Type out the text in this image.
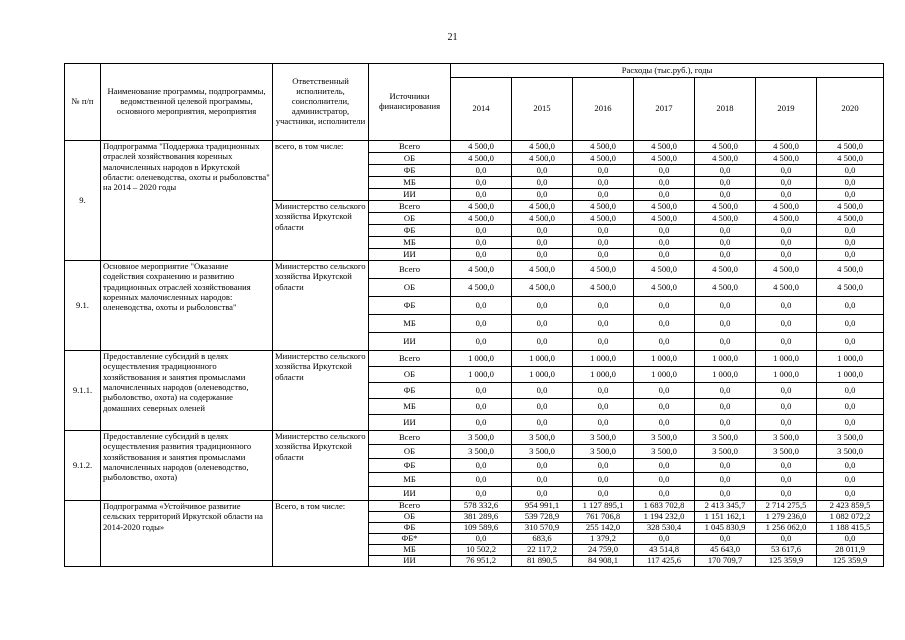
21
№ п/п	Наименование программы, подпрограммы, ведомственной целевой программы, основного мероприятия, мероприятия	Ответственный исполнитель, соисполнители, администратор, участники, исполнители	Источники финансирования	Расходы (тыс.руб.), годы						
				2014	2015	2016	2017	2018	2019	2020
9.	Подпрограмма "Поддержка традиционных отраслей хозяйствования коренных малочисленных народов в Иркутской области: оленеводства, охоты и рыболовства" на 2014 – 2020 годы	всего, в том числе:	Всего	4 500,0	4 500,0	4 500,0	4 500,0	4 500,0	4 500,0	4 500,0
			ОБ	4 500,0	4 500,0	4 500,0	4 500,0	4 500,0	4 500,0	4 500,0
			ФБ	0,0	0,0	0,0	0,0	0,0	0,0	0,0
			МБ	0,0	0,0	0,0	0,0	0,0	0,0	0,0
			ИИ	0,0	0,0	0,0	0,0	0,0	0,0	0,0
		Министерство сельского хозяйства Иркутской области	Всего	4 500,0	4 500,0	4 500,0	4 500,0	4 500,0	4 500,0	4 500,0
			ОБ	4 500,0	4 500,0	4 500,0	4 500,0	4 500,0	4 500,0	4 500,0
			ФБ	0,0	0,0	0,0	0,0	0,0	0,0	0,0
			МБ	0,0	0,0	0,0	0,0	0,0	0,0	0,0
			ИИ	0,0	0,0	0,0	0,0	0,0	0,0	0,0
9.1.	Основное мероприятие "Оказание содействия сохранению и развитию традиционных отраслей хозяйствования коренных малочисленных народов: оленеводства, охоты и рыболовства"	Министерство сельского хозяйства Иркутской области	Всего	4 500,0	4 500,0	4 500,0	4 500,0	4 500,0	4 500,0	4 500,0
			ОБ	4 500,0	4 500,0	4 500,0	4 500,0	4 500,0	4 500,0	4 500,0
			ФБ	0,0	0,0	0,0	0,0	0,0	0,0	0,0
			МБ	0,0	0,0	0,0	0,0	0,0	0,0	0,0
			ИИ	0,0	0,0	0,0	0,0	0,0	0,0	0,0
9.1.1.	Предоставление субсидий в целях осуществления традиционного хозяйствования и занятия промыслами малочисленных народов (оленеводство, рыболовство, охота) на содержание домашних северных оленей	Министерство сельского хозяйства Иркутской области	Всего	1 000,0	1 000,0	1 000,0	1 000,0	1 000,0	1 000,0	1 000,0
			ОБ	1 000,0	1 000,0	1 000,0	1 000,0	1 000,0	1 000,0	1 000,0
			ФБ	0,0	0,0	0,0	0,0	0,0	0,0	0,0
			МБ	0,0	0,0	0,0	0,0	0,0	0,0	0,0
			ИИ	0,0	0,0	0,0	0,0	0,0	0,0	0,0
9.1.2.	Предоставление субсидий в целях осуществления развития традиционного хозяйствования и занятия промыслами малочисленных народов (оленеводство, рыболовство, охота)	Министерство сельского хозяйства Иркутской области	Всего	3 500,0	3 500,0	3 500,0	3 500,0	3 500,0	3 500,0	3 500,0
			ОБ	3 500,0	3 500,0	3 500,0	3 500,0	3 500,0	3 500,0	3 500,0
			ФБ	0,0	0,0	0,0	0,0	0,0	0,0	0,0
			МБ	0,0	0,0	0,0	0,0	0,0	0,0	0,0
			ИИ	0,0	0,0	0,0	0,0	0,0	0,0	0,0
	Подпрограмма «Устойчивое развитие сельских территорий Иркутской области на 2014-2020 годы»	Всего, в том числе:	Всего	578 332,6	954 991,1	1 127 895,1	1 683 702,8	2 413 345,7	2 714 275,5	2 423 859,5
			ОБ	381 289,6	539 728,9	761 706,8	1 194 232,0	1 151 162,1	1 279 236,0	1 082 072,2
			ФБ	109 589,6	310 570,9	255 142,0	328 530,4	1 045 830,9	1 256 062,0	1 188 415,5
			ФБ*	0,0	683,6	1 379,2	0,0	0,0	0,0	0,0
			МБ	10 502,2	22 117,2	24 759,0	43 514,8	45 643,0	53 617,6	28 011,9
			ИИ	76 951,2	81 890,5	84 908,1	117 425,6	170 709,7	125 359,9	125 359,9
